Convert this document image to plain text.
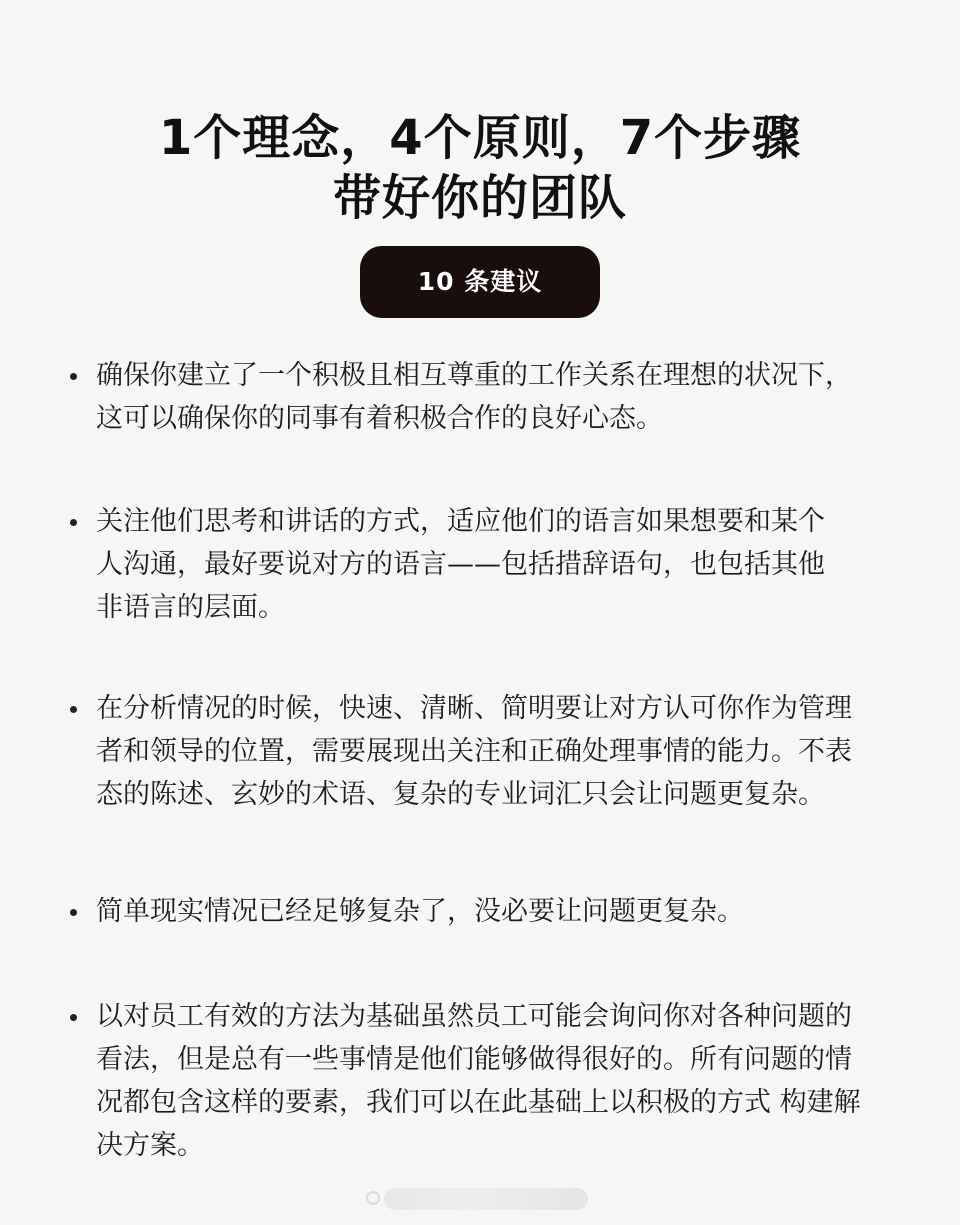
1个理念，4个原则，7个步骤
带好你的团队
10 条建议
确保你建立了一个积极且相互尊重的工作关系在理想的状况下，
这可以确保你的同事有着积极合作的良好心态。
关注他们思考和讲话的方式，适应他们的语言如果想要和某个
人沟通，最好要说对方的语言——包括措辞语句，也包括其他
非语言的层面。
在分析情况的时候，快速、清晰、简明要让对方认可你作为管理
者和领导的位置，需要展现出关注和正确处理事情的能力。不表
态的陈述、玄妙的术语、复杂的专业词汇只会让问题更复杂。
简单现实情况已经足够复杂了，没必要让问题更复杂。
以对员工有效的方法为基础虽然员工可能会询问你对各种问题的
看法，但是总有一些事情是他们能够做得很好的。所有问题的情
况都包含这样的要素，我们可以在此基础上以积极的方式 构建解
决方案。
